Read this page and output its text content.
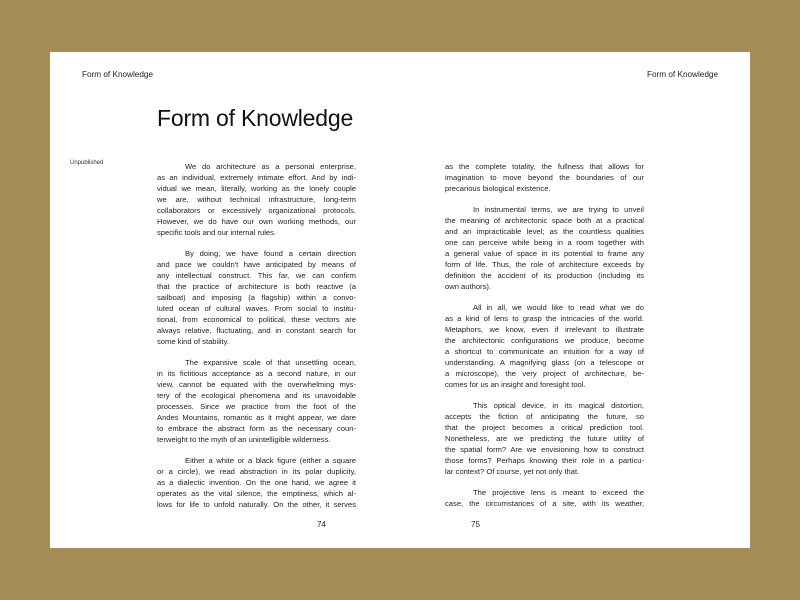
Form of Knowledge	Form of Knowledge
Form of Knowledge
Unpublished	We do architecture as a personal enterprise,
as an individual, extremely intimate effort. And by indi-
vidual we mean, literally, working as the lonely couple
we are, without technical infrastructure, long-term
collaborators or excessively organizational protocols.
However, we do have our own working methods, our
specific tools and our internal rules.

By doing, we have found a certain direction
and pace we couldn't have anticipated by means of
any intellectual construct. This far, we can confirm
that the practice of architecture is both reactive (a
sailboat) and imposing (a flagship) within a convo-
luted ocean of cultural waves. From social to institu-
tional, from economical to political, these vectors are
always relative, fluctuating, and in constant search for
some kind of stability.

The expansive scale of that unsettling ocean,
in its fictitious acceptance as a second nature, in our
view, cannot be equated with the overwhelming mys-
tery of the ecological phenomena and its unavoidable
processes. Since we practice from the foot of the
Andes Mountains, romantic as it might appear, we dare
to embrace the abstract form as the necessary coun-
terweight to the myth of an unintelligible wilderness.

Either a white or a black figure (either a square
or a circle), we read abstraction in its polar duplicity,
as a dialectic invention. On the one hand, we agree it
operates as the vital silence, the emptiness, which al-
lows for life to unfold naturally. On the other, it serves

as the complete totality, the fullness that allows for
imagination to move beyond the boundaries of our
precarious biological existence.

In instrumental terms, we are trying to unveil
the meaning of architectonic space both at a practical
and an impracticable level; as the countless qualities
one can perceive while being in a room together with
a general value of space in its potential to frame any
form of life. Thus, the role of architecture exceeds by
definition the accident of its production (including its
own authors).

All in all, we would like to read what we do
as a kind of lens to grasp the intricacies of the world.
Metaphors, we know, even if irrelevant to illustrate
the architectonic configurations we produce, become
a shortcut to communicate an intuition for a way of
understanding. A magnifying glass (on a telescope or
a microscope), the very project of architecture, be-
comes for us an insight and foresight tool.

This optical device, in its magical distortion,
accepts the fiction of anticipating the future, so
that the project becomes a critical prediction tool.
Nonetheless, are we predicting the future utility of
the spatial form? Are we envisioning how to construct
those forms? Perhaps knowing their role in a particu-
lar context? Of course, yet not only that.

The projective lens is meant to exceed the
case, the circumstances of a site, with its weather,

74	75
